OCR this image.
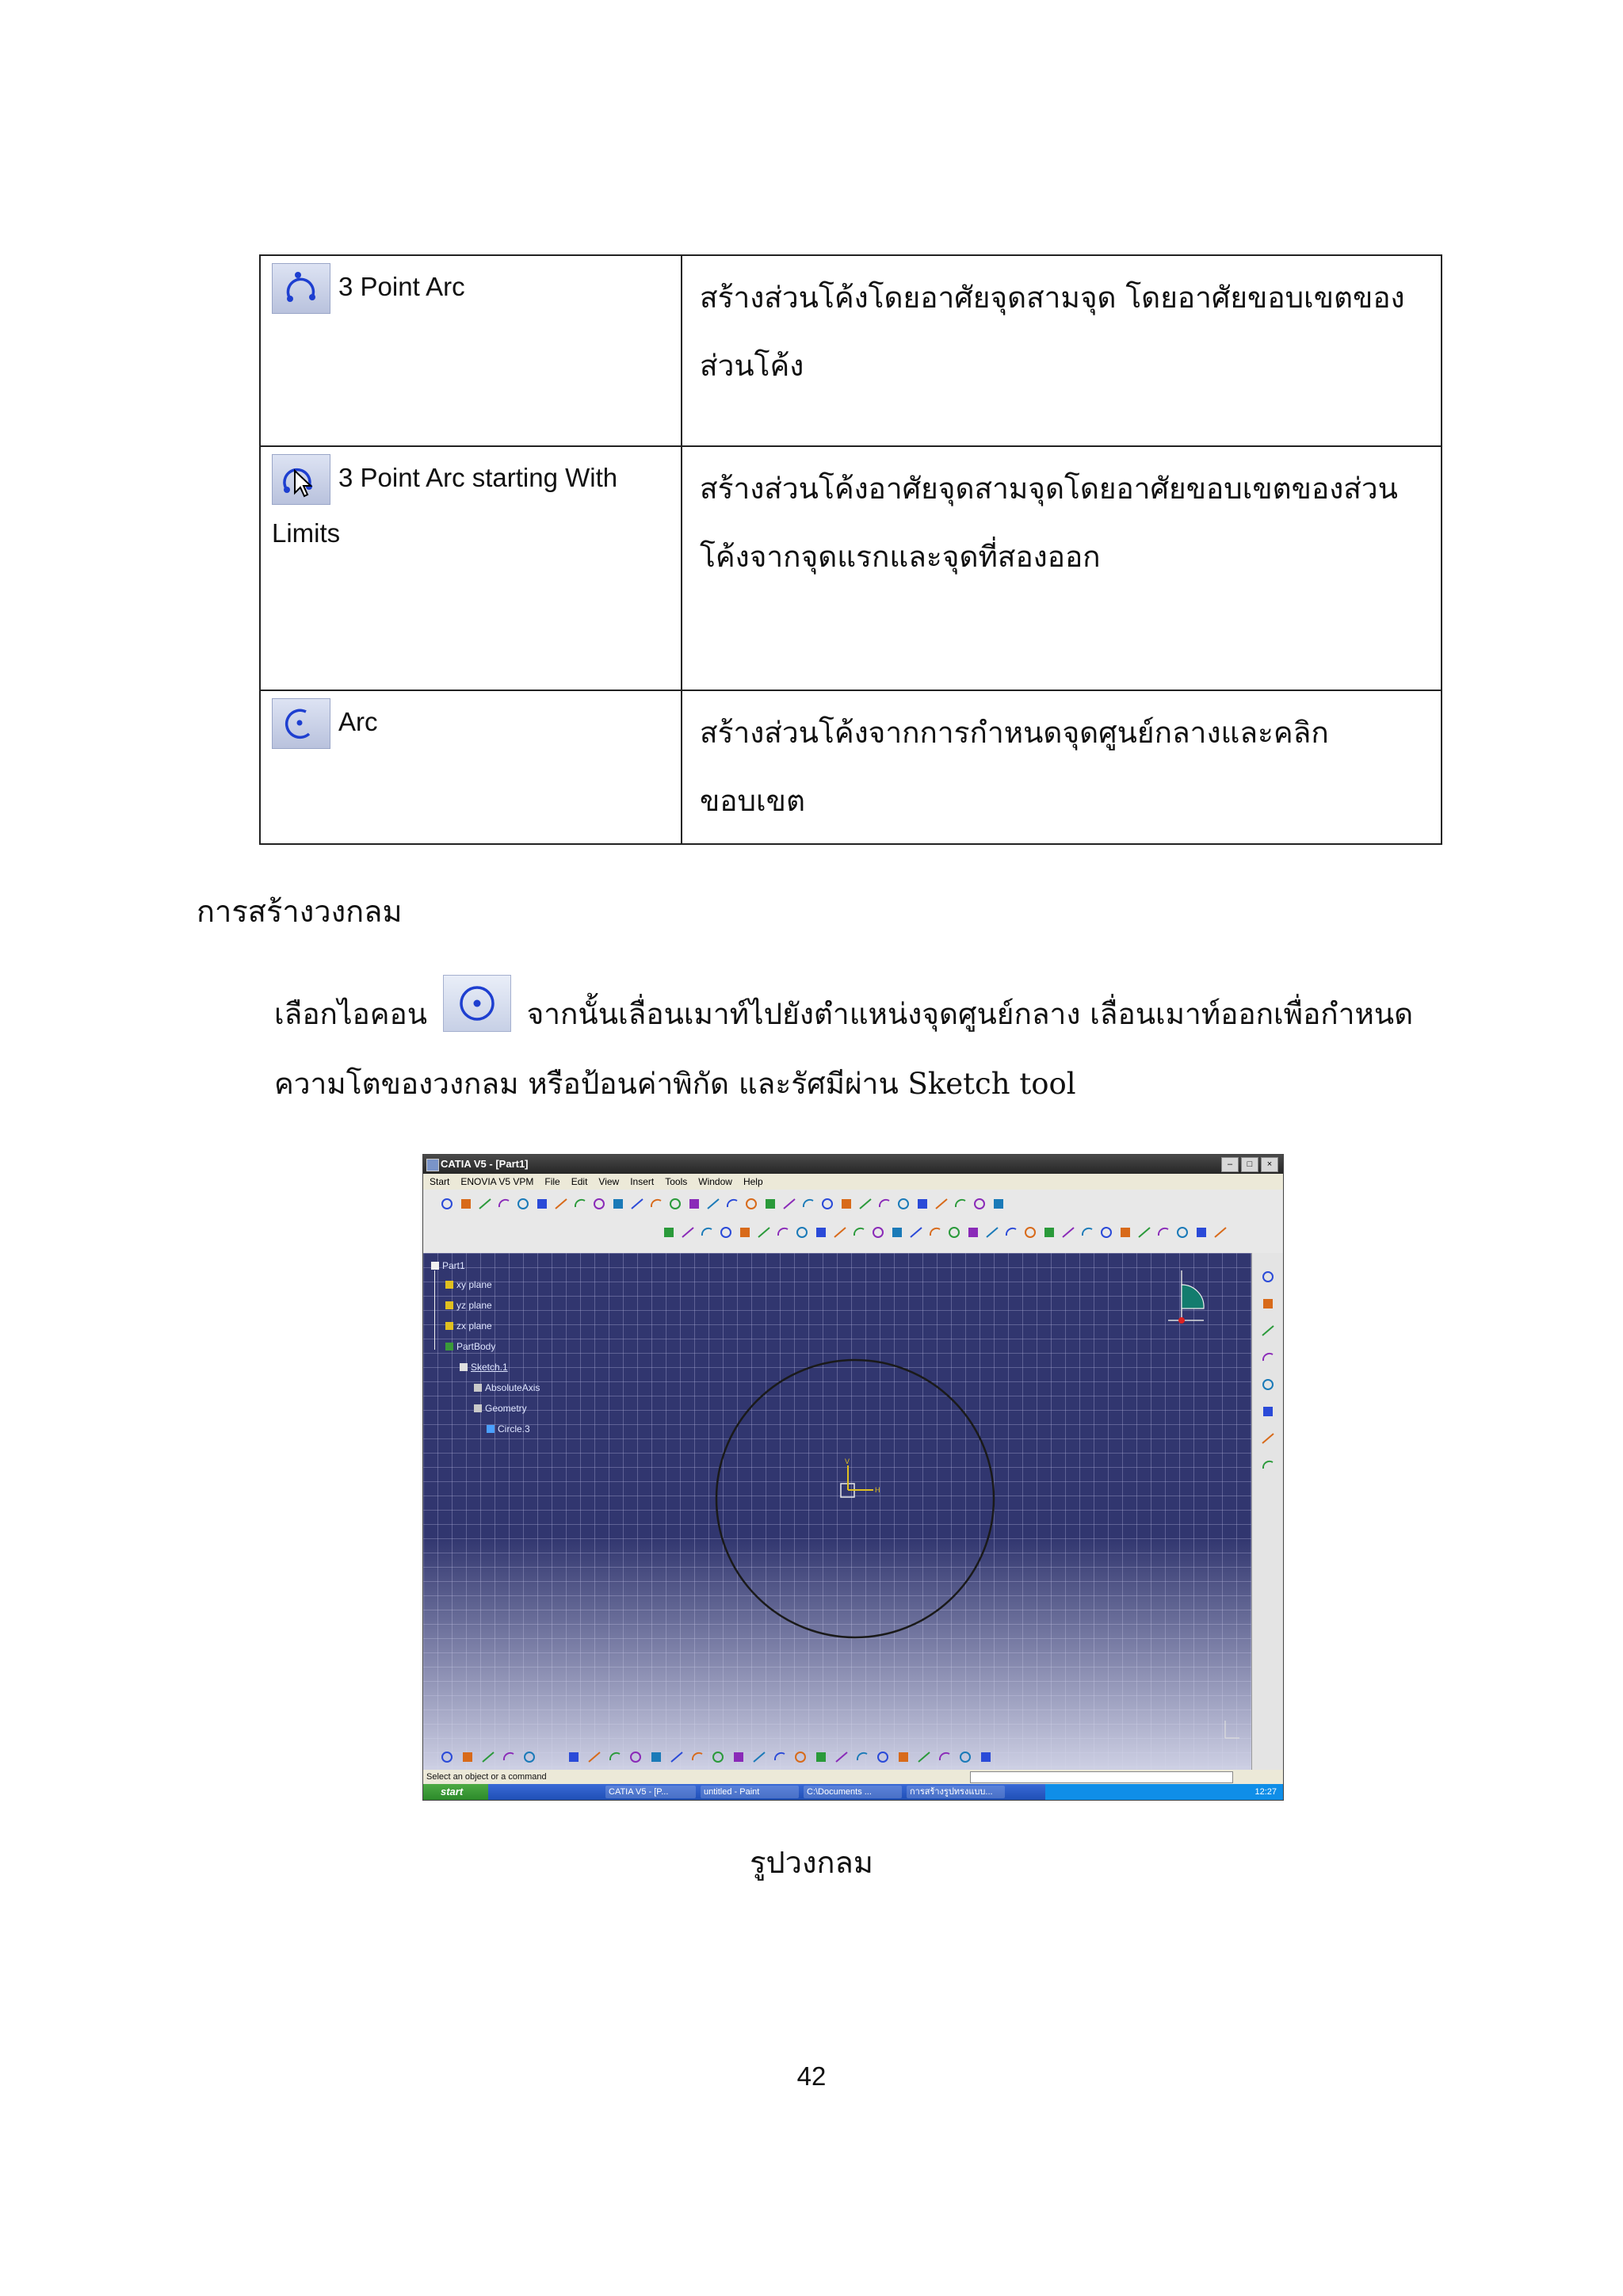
3 Point Arc	สร้างส่วนโค้งโดยอาศัยจุดสามจุด โดยอาศัยขอบเขตของส่วนโค้ง

3 Point Arc starting With Limits	สร้างส่วนโค้งอาศัยจุดสามจุดโดยอาศัยขอบเขตของส่วนโค้งจากจุดแรกและจุดที่สองออก

Arc	สร้างส่วนโค้งจากการกำหนดจุดศูนย์กลางและคลิกขอบเขต
การสร้างวงกลม
เลือกไอคอน	จากนั้นเลื่อนเมาท์ไปยังตำแหน่งจุดศูนย์กลาง เลื่อนเมาท์ออกเพื่อกำหนดความโตของวงกลม หรือป้อนค่าพิกัด และรัศมีผ่าน Sketch tool
CATIA V5 - [Part1]	–	□	×
Start ENOVIA V5 VPM File Edit View Insert Tools Window Help
H
V
Part1
xy plane
yz plane
zx plane
PartBody
Sketch.1
AbsoluteAxis
Geometry
Circle.3
Select an object or a command
start	CATIA V5 - [P...	untitled - Paint	C:\Documents ...	การสร้างรูปทรงแบบ...	12:27
รูปวงกลม
42
